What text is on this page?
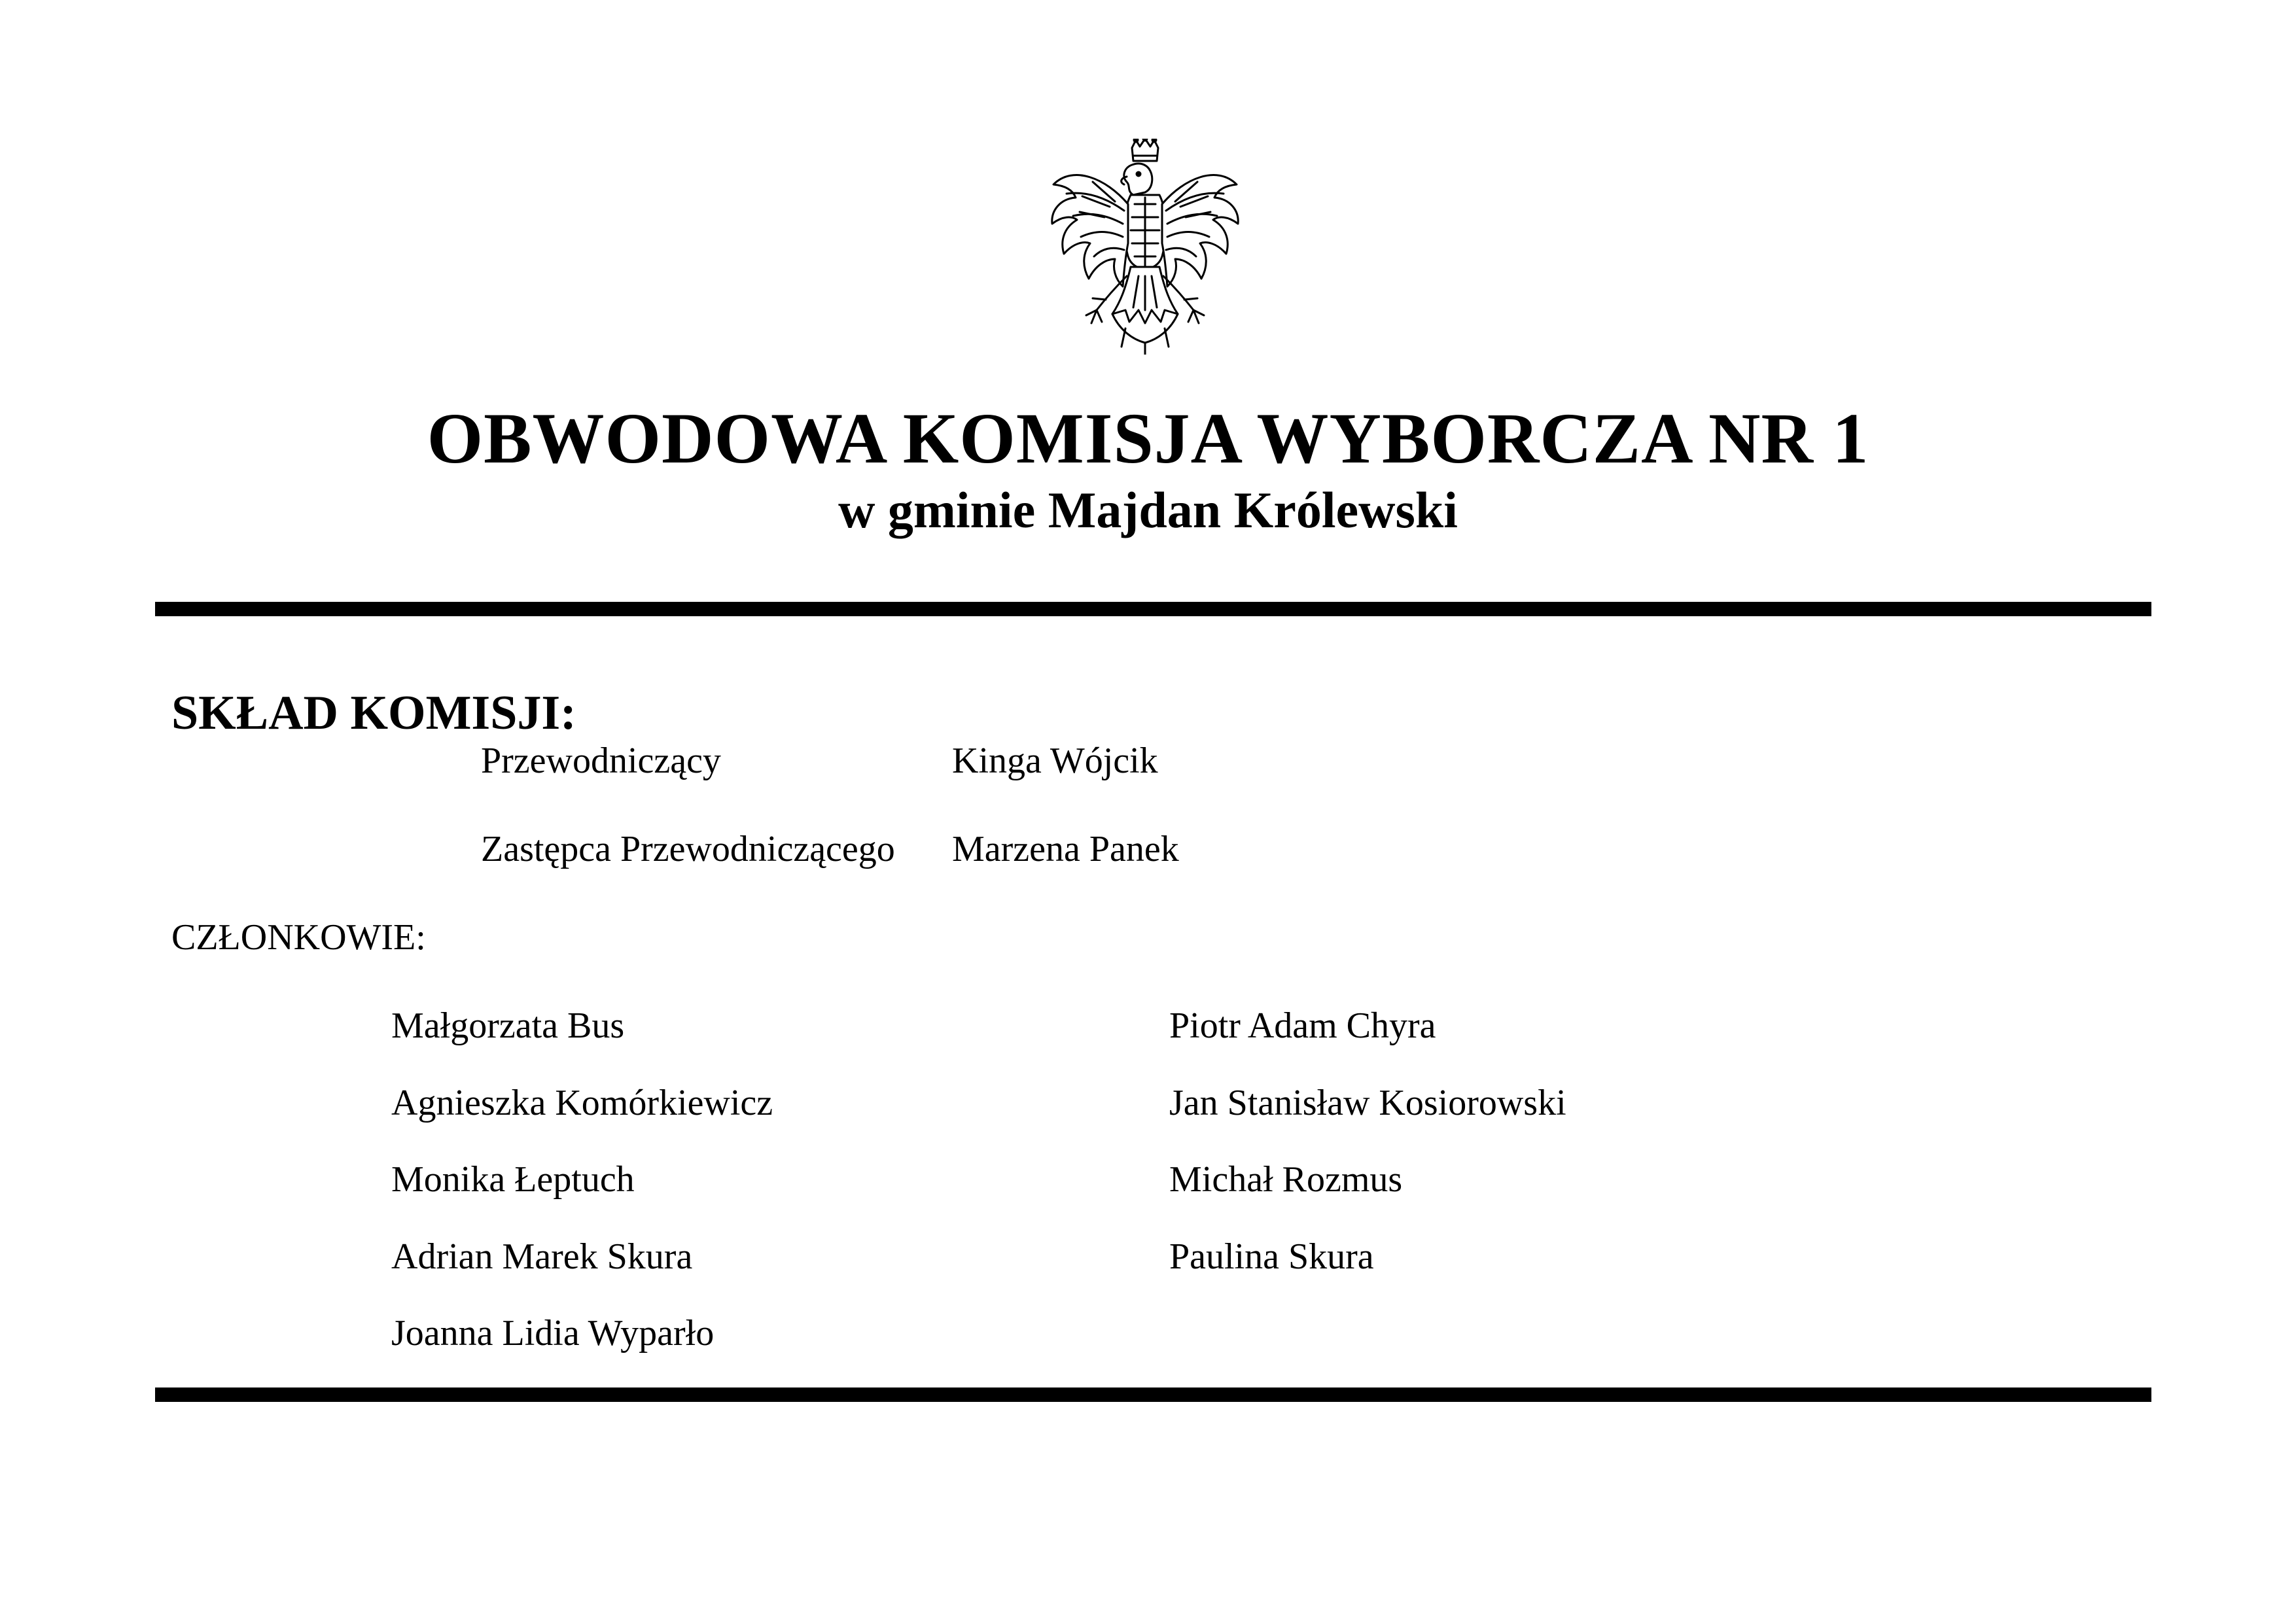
OBWODOWA KOMISJA WYBORCZA NR 1
w gminie Majdan Królewski
SKŁAD KOMISJI:
Przewodniczący	Kinga Wójcik
Zastępca Przewodniczącego Marzena Panek
CZŁONKOWIE:
Małgorzata Bus
Agnieszka Komórkiewicz
Monika Łeptuch
Adrian Marek Skura
Joanna Lidia Wyparło
Piotr Adam Chyra
Jan Stanisław Kosiorowski
Michał Rozmus
Paulina Skura
